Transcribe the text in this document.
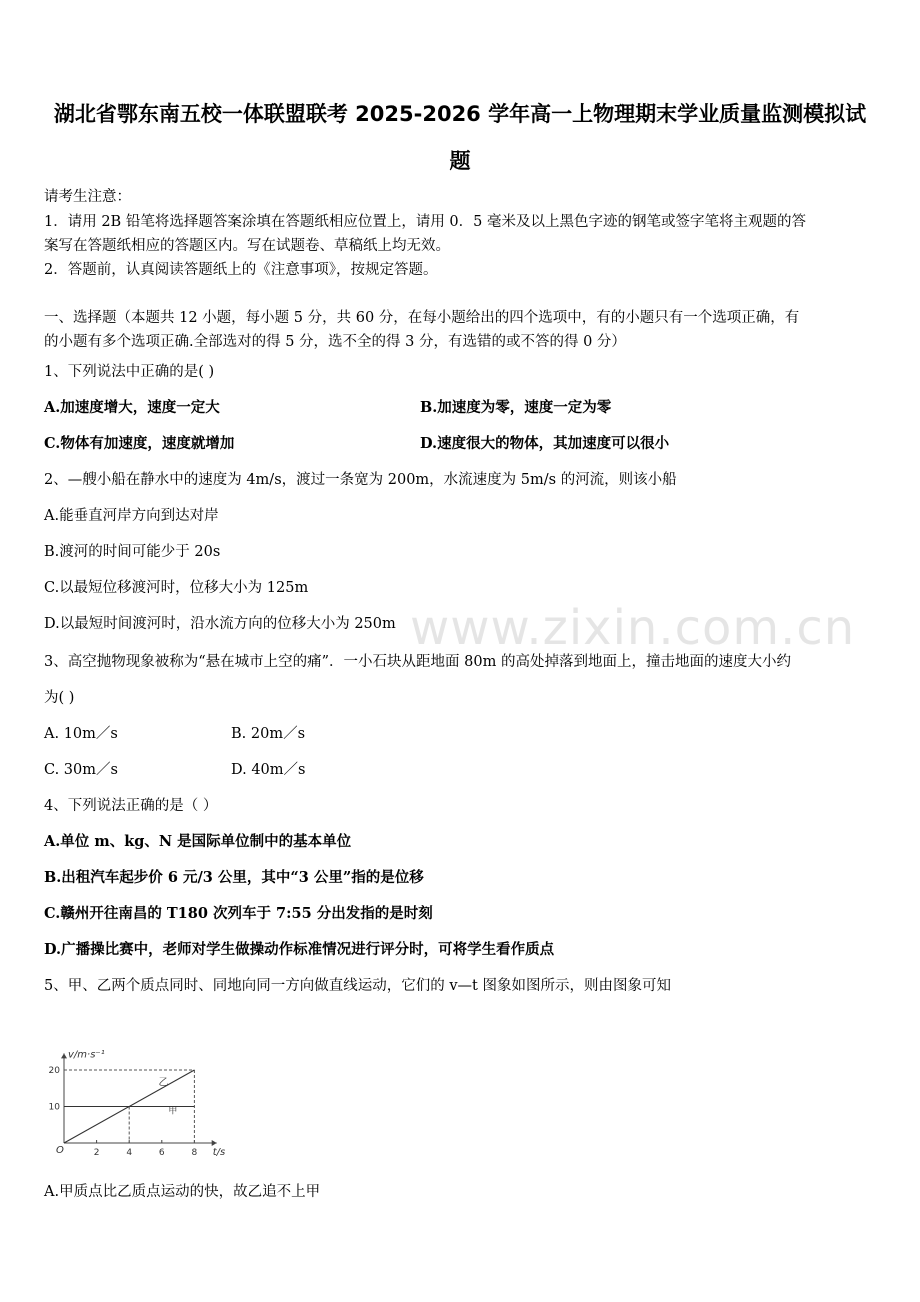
湖北省鄂东南五校一体联盟联考 2025-2026 学年高一上物理期末学业质量监测模拟试
题
请考生注意：
1．请用 2B 铅笔将选择题答案涂填在答题纸相应位置上，请用 0．5 毫米及以上黑色字迹的钢笔或签字笔将主观题的答
案写在答题纸相应的答题区内。写在试题卷、草稿纸上均无效。
2．答题前，认真阅读答题纸上的《注意事项》，按规定答题。
一、选择题（本题共 12 小题，每小题 5 分，共 60 分，在每小题给出的四个选项中，有的小题只有一个选项正确，有
的小题有多个选项正确.全部选对的得 5 分，选不全的得 3 分，有选错的或不答的得 0 分）
1、下列说法中正确的是( )
A.加速度增大，速度一定大	B.加速度为零，速度一定为零
C.物体有加速度，速度就增加	D.速度很大的物体，其加速度可以很小
2、—艘小船在静水中的速度为 4m/s，渡过一条宽为 200m，水流速度为 5m/s 的河流，则该小船
A.能垂直河岸方向到达对岸
B.渡河的时间可能少于 20s
C.以最短位移渡河时，位移大小为 125m
D.以最短时间渡河时，沿水流方向的位移大小为 250m
3、高空抛物现象被称为“悬在城市上空的痛”．一小石块从距地面 80m 的高处掉落到地面上，撞击地面的速度大小约
为( )
A. 10m／s	B. 20m／s
C. 30m／s	D. 40m／s
4、下列说法正确的是（ ）
A.单位 m、kg、N 是国际单位制中的基本单位
B.出租汽车起步价 6 元/3 公里，其中“3 公里”指的是位移
C.赣州开往南昌的 T180 次列车于 7:55 分出发指的是时刻
D.广播操比赛中，老师对学生做操动作标准情况进行评分时，可将学生看作质点
5、甲、乙两个质点同时、同地向同一方向做直线运动，它们的 v—t 图象如图所示，则由图象可知
v/m·s⁻¹
t/s
O	2	4	6	8
10
20
乙
甲
A.甲质点比乙质点运动的快，故乙追不上甲
www.zixin.com.cn
